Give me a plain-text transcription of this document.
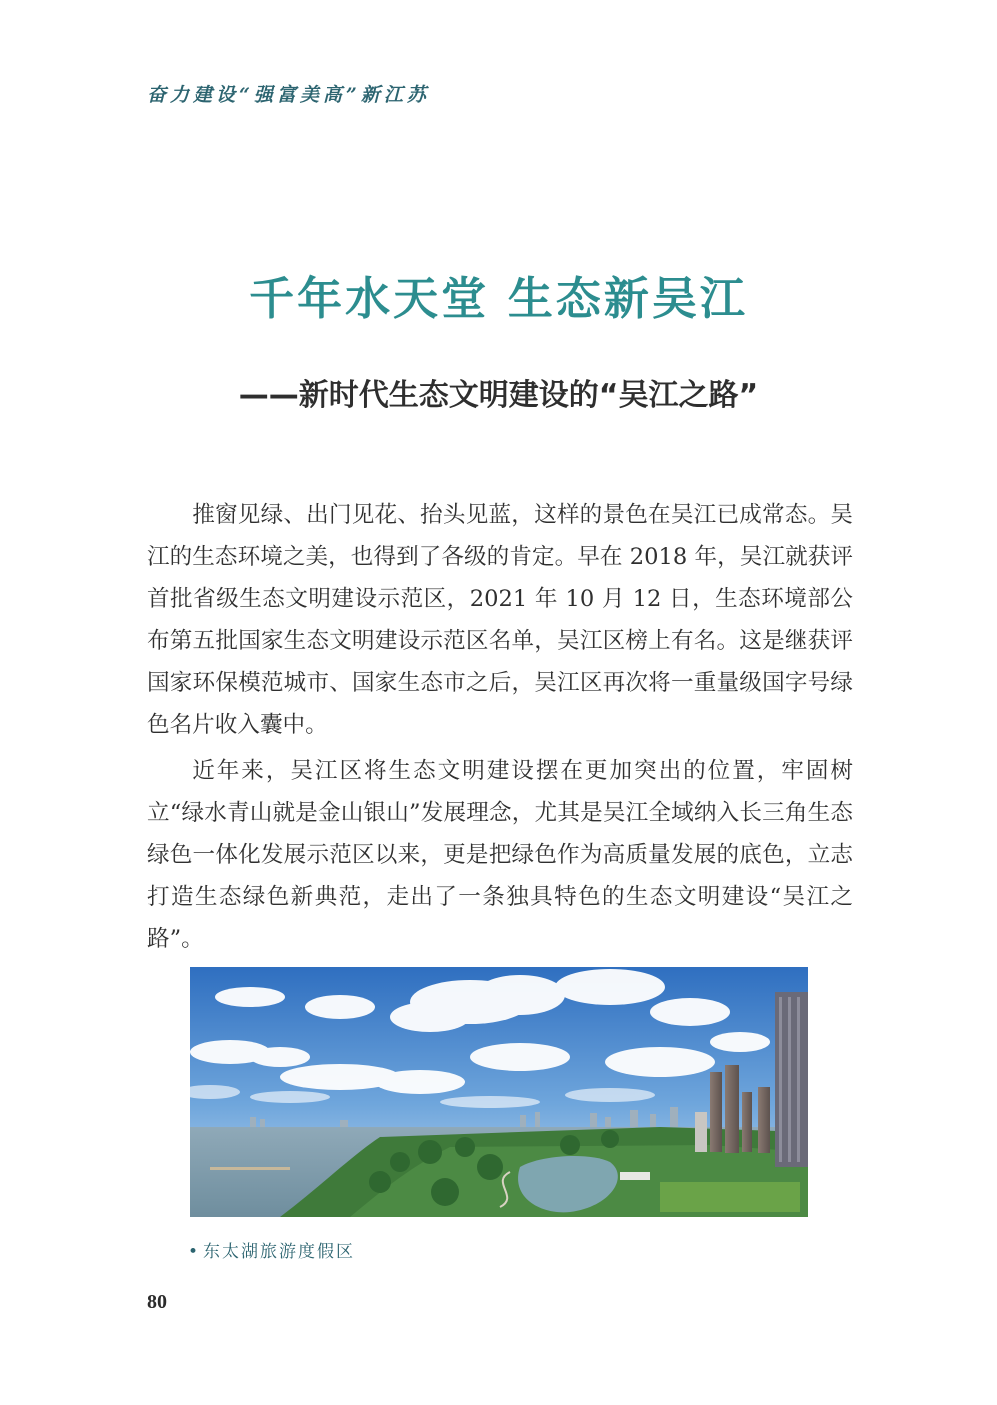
奋力建设“强富美高”新江苏
千年水天堂 生态新吴江
——新时代生态文明建设的“吴江之路”

推窗见绿、出门见花、抬头见蓝，这样的景色在吴江已成常态。吴江的生态环境之美，也得到了各级的肯定。早在 2018 年，吴江就获评首批省级生态文明建设示范区，2021 年 10 月 12 日，生态环境部公布第五批国家生态文明建设示范区名单，吴江区榜上有名。这是继获评国家环保模范城市、国家生态市之后，吴江区再次将一重量级国字号绿色名片收入囊中。

近年来，吴江区将生态文明建设摆在更加突出的位置，牢固树立“绿水青山就是金山银山”发展理念，尤其是吴江全域纳入长三角生态绿色一体化发展示范区以来，更是把绿色作为高质量发展的底色，立志打造生态绿色新典范，走出了一条独具特色的生态文明建设“吴江之路”。

• 东太湖旅游度假区
80
